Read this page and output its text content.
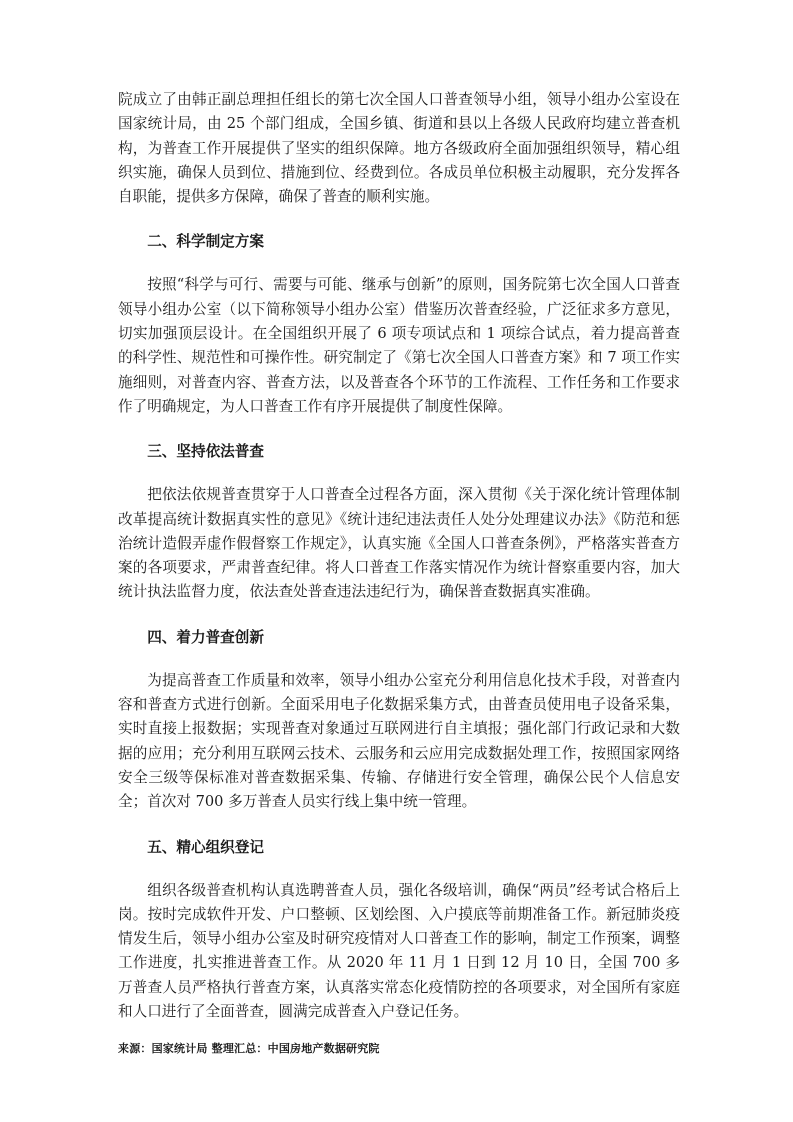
院成立了由韩正副总理担任组长的第七次全国人口普查领导小组，领导小组办公室设在国家统计局，由 25 个部门组成，全国乡镇、街道和县以上各级人民政府均建立普查机构，为普查工作开展提供了坚实的组织保障。地方各级政府全面加强组织领导，精心组织实施，确保人员到位、措施到位、经费到位。各成员单位积极主动履职，充分发挥各自职能，提供多方保障，确保了普查的顺利实施。

二、科学制定方案

按照“科学与可行、需要与可能、继承与创新”的原则，国务院第七次全国人口普查领导小组办公室（以下简称领导小组办公室）借鉴历次普查经验，广泛征求多方意见，切实加强顶层设计。在全国组织开展了 6 项专项试点和 1 项综合试点，着力提高普查的科学性、规范性和可操作性。研究制定了《第七次全国人口普查方案》和 7 项工作实施细则，对普查内容、普查方法，以及普查各个环节的工作流程、工作任务和工作要求作了明确规定，为人口普查工作有序开展提供了制度性保障。

三、坚持依法普查

把依法依规普查贯穿于人口普查全过程各方面，深入贯彻《关于深化统计管理体制改革提高统计数据真实性的意见》《统计违纪违法责任人处分处理建议办法》《防范和惩治统计造假弄虚作假督察工作规定》，认真实施《全国人口普查条例》，严格落实普查方案的各项要求，严肃普查纪律。将人口普查工作落实情况作为统计督察重要内容，加大统计执法监督力度，依法查处普查违法违纪行为，确保普查数据真实准确。

四、着力普查创新

为提高普查工作质量和效率，领导小组办公室充分利用信息化技术手段，对普查内容和普查方式进行创新。全面采用电子化数据采集方式，由普查员使用电子设备采集，实时直接上报数据；实现普查对象通过互联网进行自主填报；强化部门行政记录和大数据的应用；充分利用互联网云技术、云服务和云应用完成数据处理工作，按照国家网络安全三级等保标准对普查数据采集、传输、存储进行安全管理，确保公民个人信息安全；首次对 700 多万普查人员实行线上集中统一管理。

五、精心组织登记

组织各级普查机构认真选聘普查人员，强化各级培训，确保“两员”经考试合格后上岗。按时完成软件开发、户口整顿、区划绘图、入户摸底等前期准备工作。新冠肺炎疫情发生后，领导小组办公室及时研究疫情对人口普查工作的影响，制定工作预案，调整工作进度，扎实推进普查工作。从 2020 年 11 月 1 日到 12 月 10 日，全国 700 多万普查人员严格执行普查方案，认真落实常态化疫情防控的各项要求，对全国所有家庭和人口进行了全面普查，圆满完成普查入户登记任务。

来源：国家统计局 整理汇总：中国房地产数据研究院
